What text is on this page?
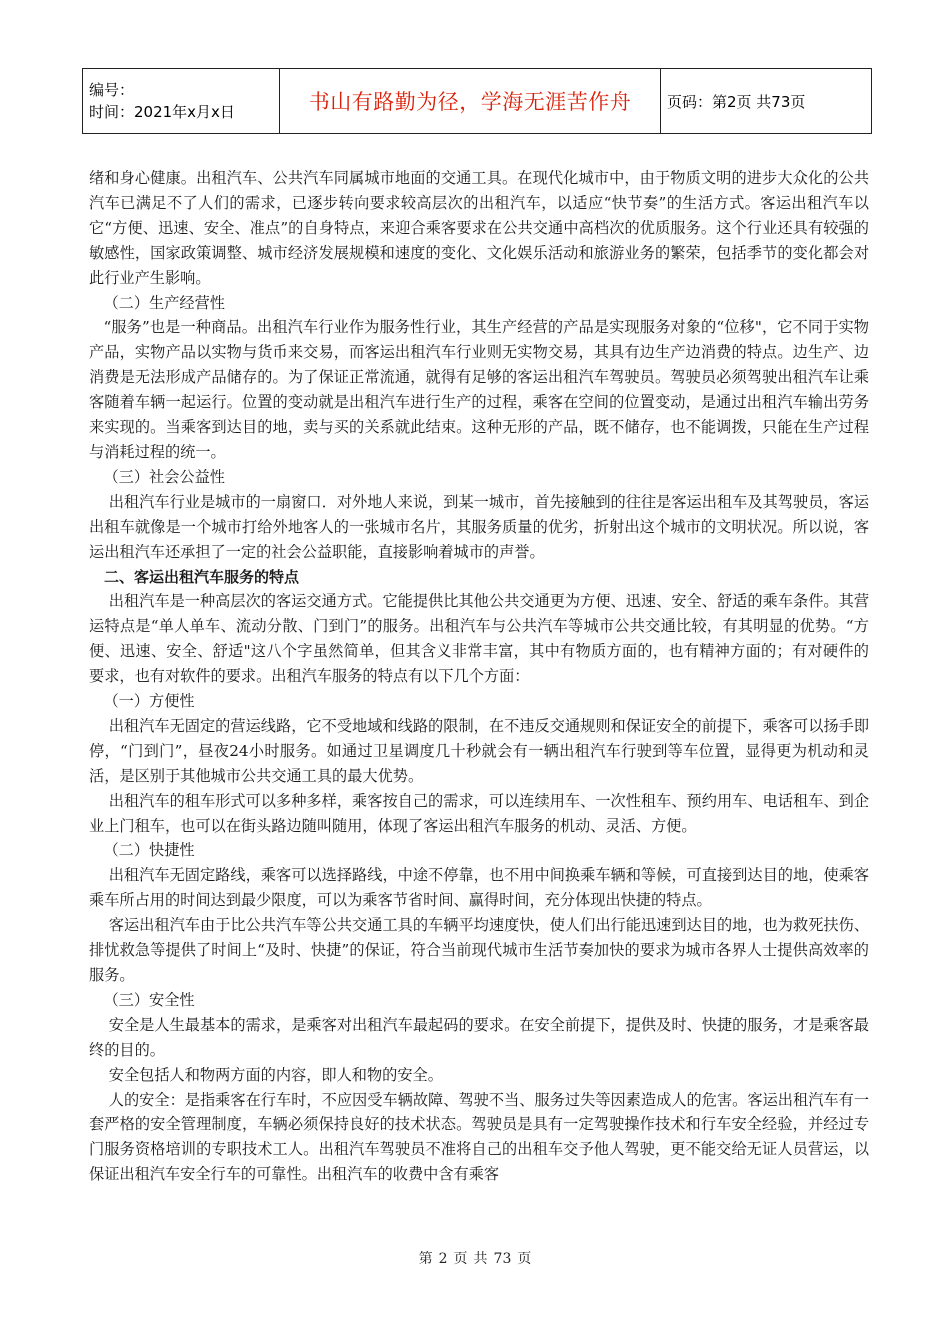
编号：
时间：2021年x月x日	书山有路勤为径，学海无涯苦作舟	页码：第2页 共73页

绪和身心健康。出租汽车、公共汽车同属城市地面的交通工具。在现代化城市中，由于物质文明的进步大众化的公共汽车已满足不了人们的需求，已逐步转向要求较高层次的出租汽车，以适应“快节奏”的生活方式。客运出租汽车以它“方便、迅速、安全、准点”的自身特点，来迎合乘客要求在公共交通中高档次的优质服务。这个行业还具有较强的敏感性，国家政策调整、城市经济发展规模和速度的变化、文化娱乐活动和旅游业务的繁荣，包括季节的变化都会对此行业产生影响。

（二）生产经营性

“服务”也是一种商品。出租汽车行业作为服务性行业，其生产经营的产品是实现服务对象的“位移"，它不同于实物产品，实物产品以实物与货币来交易，而客运出租汽车行业则无实物交易，其具有边生产边消费的特点。边生产、边消费是无法形成产品储存的。为了保证正常流通，就得有足够的客运出租汽车驾驶员。驾驶员必须驾驶出租汽车让乘客随着车辆一起运行。位置的变动就是出租汽车进行生产的过程，乘客在空间的位置变动，是通过出租汽车输出劳务来实现的。当乘客到达目的地，卖与买的关系就此结束。这种无形的产品，既不储存，也不能调拨，只能在生产过程与消耗过程的统一。

（三）社会公益性

出租汽车行业是城市的一扇窗口．对外地人来说，到某一城市，首先接触到的往往是客运出租车及其驾驶员，客运出租车就像是一个城市打给外地客人的一张城市名片，其服务质量的优劣，折射出这个城市的文明状况。所以说，客运出租汽车还承担了一定的社会公益职能，直接影响着城市的声誉。

二、客运出租汽车服务的特点

出租汽车是一种高层次的客运交通方式。它能提供比其他公共交通更为方便、迅速、安全、舒适的乘车条件。其营运特点是“单人单车、流动分散、门到门”的服务。出租汽车与公共汽车等城市公共交通比较，有其明显的优势。“方便、迅速、安全、舒适"这八个字虽然简单，但其含义非常丰富，其中有物质方面的，也有精神方面的；有对硬件的要求，也有对软件的要求。出租汽车服务的特点有以下几个方面：

（一）方便性

出租汽车无固定的营运线路，它不受地域和线路的限制，在不违反交通规则和保证安全的前提下，乘客可以扬手即停，“门到门”，昼夜24小时服务。如通过卫星调度几十秒就会有一辆出租汽车行驶到等车位置，显得更为机动和灵活，是区别于其他城市公共交通工具的最大优势。

出租汽车的租车形式可以多种多样，乘客按自己的需求，可以连续用车、一次性租车、预约用车、电话租车、到企业上门租车，也可以在街头路边随叫随用，体现了客运出租汽车服务的机动、灵活、方便。

（二）快捷性

出租汽车无固定路线，乘客可以选择路线，中途不停靠，也不用中间换乘车辆和等候，可直接到达目的地，使乘客乘车所占用的时间达到最少限度，可以为乘客节省时间、赢得时间，充分体现出快捷的特点。

客运出租汽车由于比公共汽车等公共交通工具的车辆平均速度快，使人们出行能迅速到达目的地，也为救死扶伤、排忧救急等提供了时间上“及时、快捷”的保证，符合当前现代城市生活节奏加快的要求为城市各界人士提供高效率的服务。

（三）安全性

安全是人生最基本的需求，是乘客对出租汽车最起码的要求。在安全前提下，提供及时、快捷的服务，才是乘客最终的目的。

安全包括人和物两方面的内容，即人和物的安全。

人的安全：是指乘客在行车时，不应因受车辆故障、驾驶不当、服务过失等因素造成人的危害。客运出租汽车有一套严格的安全管理制度，车辆必须保持良好的技术状态。驾驶员是具有一定驾驶操作技术和行车安全经验，并经过专门服务资格培训的专职技术工人。出租汽车驾驶员不准将自己的出租车交予他人驾驶，更不能交给无证人员营运，以保证出租汽车安全行车的可靠性。出租汽车的收费中含有乘客

第 2 页 共 73 页
